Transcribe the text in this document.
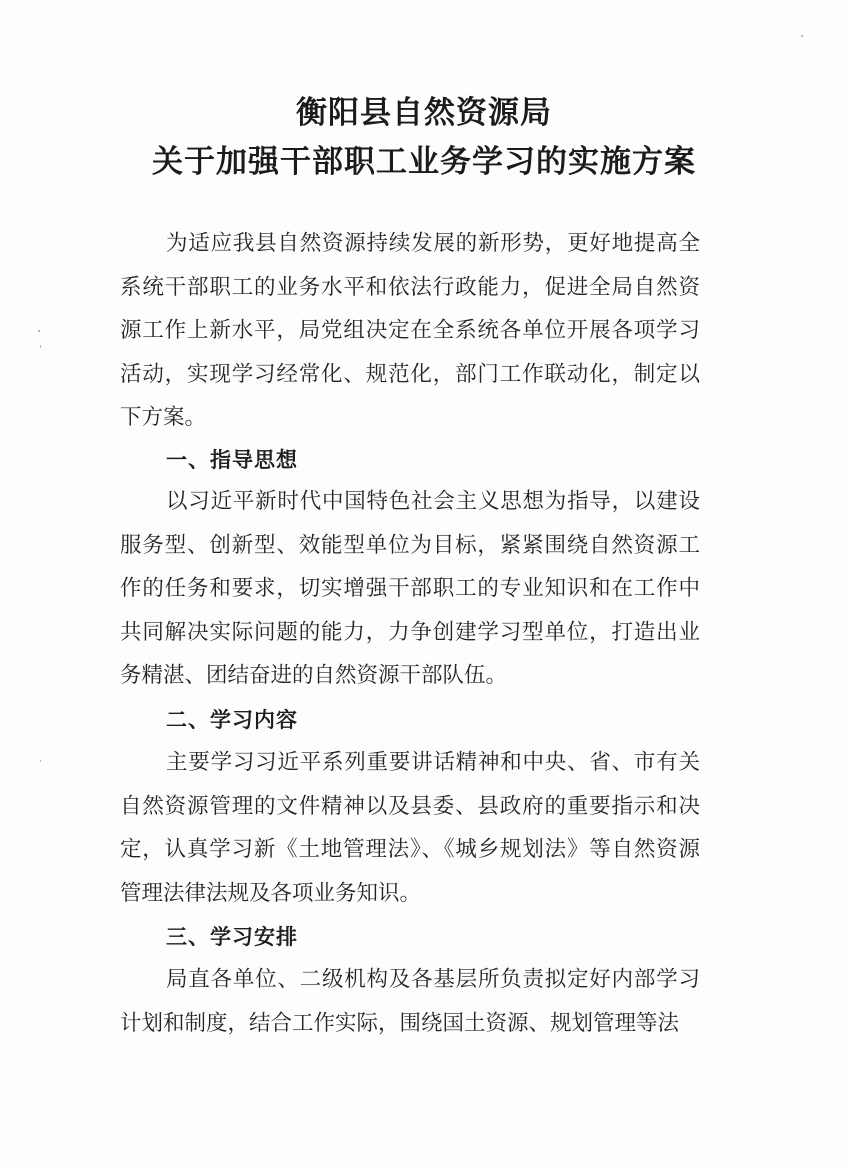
衡阳县自然资源局
关于加强干部职工业务学习的实施方案

为适应我县自然资源持续发展的新形势，更好地提高全系统干部职工的业务水平和依法行政能力，促进全局自然资源工作上新水平，局党组决定在全系统各单位开展各项学习活动，实现学习经常化、规范化，部门工作联动化，制定以下方案。

一、指导思想

以习近平新时代中国特色社会主义思想为指导，以建设服务型、创新型、效能型单位为目标，紧紧围绕自然资源工作的任务和要求，切实增强干部职工的专业知识和在工作中共同解决实际问题的能力，力争创建学习型单位，打造出业务精湛、团结奋进的自然资源干部队伍。

二、学习内容

主要学习习近平系列重要讲话精神和中央、省、市有关自然资源管理的文件精神以及县委、县政府的重要指示和决定，认真学习新《土地管理法》、《城乡规划法》等自然资源管理法律法规及各项业务知识。

三、学习安排

局直各单位、二级机构及各基层所负责拟定好内部学习计划和制度，结合工作实际，围绕国土资源、规划管理等法
